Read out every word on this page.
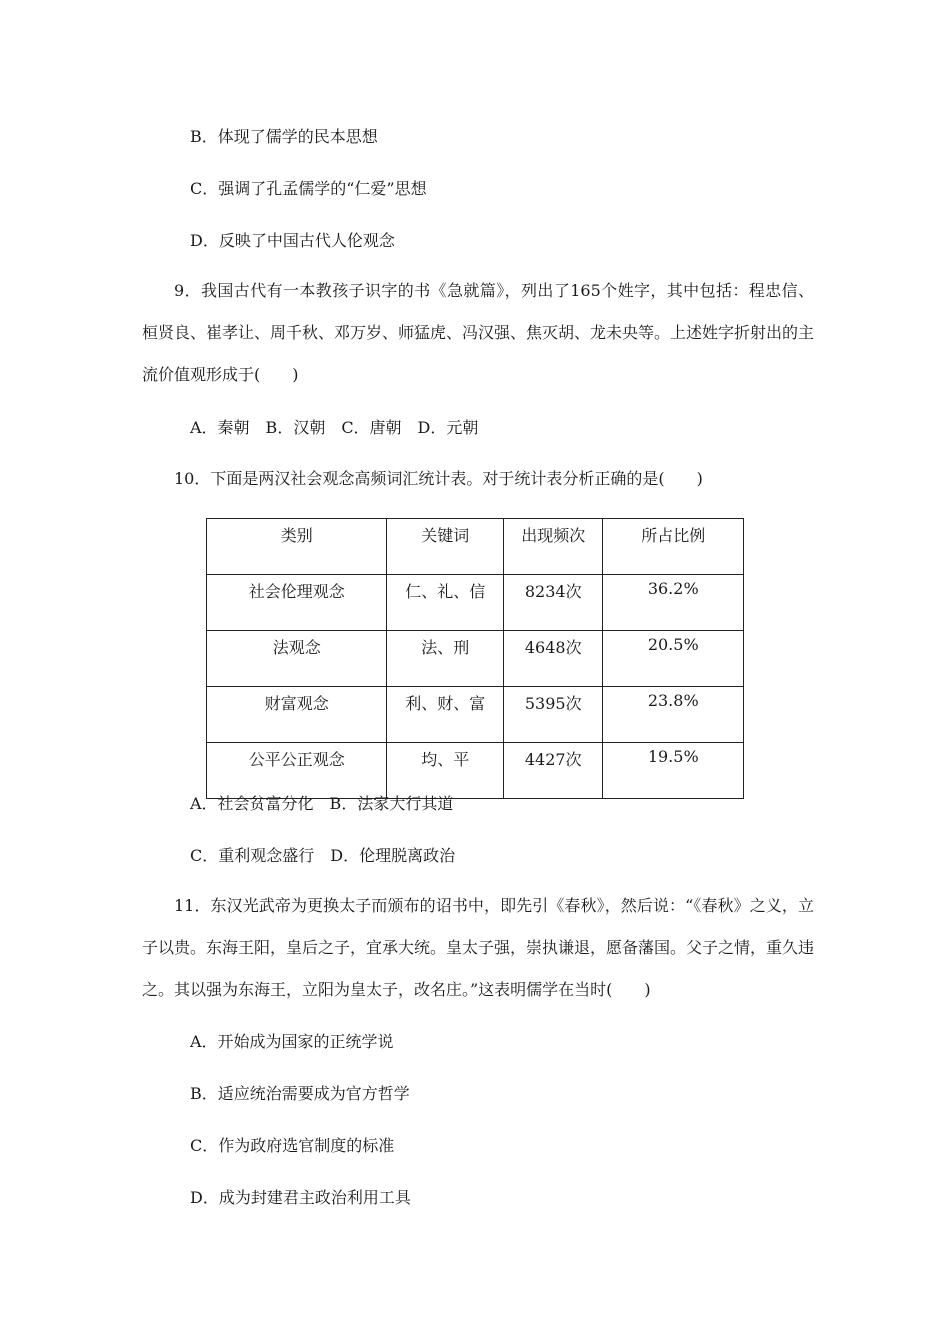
B．体现了儒学的民本思想
C．强调了孔孟儒学的“仁爱”思想
D．反映了中国古代人伦观念
9．我国古代有一本教孩子识字的书《急就篇》，列出了165个姓字，其中包括：程忠信、桓贤良、崔孝让、周千秋、邓万岁、师猛虎、冯汉强、焦灭胡、龙未央等。上述姓字折射出的主流价值观形成于(　　)
A．秦朝　B．汉朝　C．唐朝　D．元朝
10．下面是两汉社会观念高频词汇统计表。对于统计表分析正确的是(　　)
类别	关键词	出现频次	所占比例
社会伦理观念	仁、礼、信	8234次	36.2%
法观念	法、刑	4648次	20.5%
财富观念	利、财、富	5395次	23.8%
公平公正观念	均、平	4427次	19.5%
A．社会贫富分化　B．法家大行其道
C．重利观念盛行　D．伦理脱离政治
11．东汉光武帝为更换太子而颁布的诏书中，即先引《春秋》，然后说：“《春秋》之义，立子以贵。东海王阳，皇后之子，宜承大统。皇太子强，崇执谦退，愿备藩国。父子之情，重久违之。其以强为东海王，立阳为皇太子，改名庄。”这表明儒学在当时(　　)
A．开始成为国家的正统学说
B．适应统治需要成为官方哲学
C．作为政府选官制度的标准
D．成为封建君主政治利用工具
